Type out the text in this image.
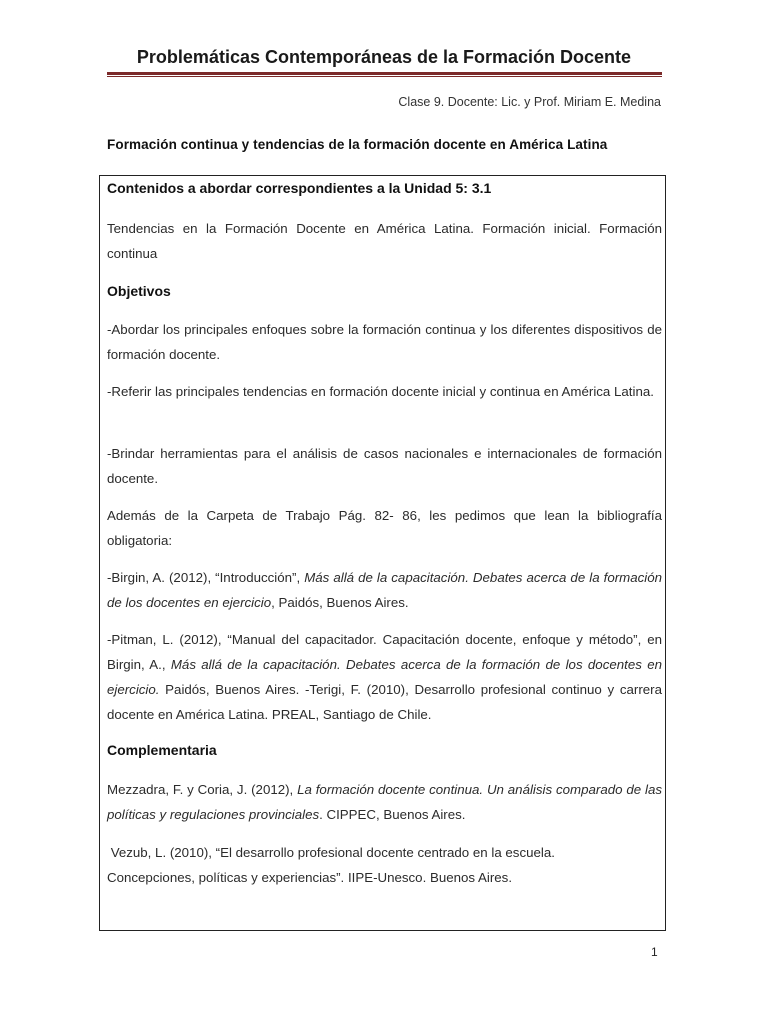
Problemáticas Contemporáneas de la Formación Docente
Clase 9. Docente: Lic. y Prof. Miriam E. Medina
Formación continua y tendencias de la formación docente en América Latina
Contenidos a abordar correspondientes a la Unidad 5: 3.1
Tendencias en la Formación Docente en América Latina. Formación inicial. Formación continua
Objetivos
-Abordar los principales enfoques sobre la formación continua y los diferentes dispositivos de formación docente.
-Referir las principales tendencias en formación docente inicial y continua en América Latina.
-Brindar herramientas para el análisis de casos nacionales e internacionales de formación docente.
Además de la Carpeta de Trabajo Pág. 82- 86, les pedimos que lean la bibliografía obligatoria:
-Birgin, A. (2012), “Introducción”, Más allá de la capacitación. Debates acerca de la formación de los docentes en ejercicio, Paidós, Buenos Aires.
-Pitman, L. (2012), “Manual del capacitador. Capacitación docente, enfoque y método”, en Birgin, A., Más allá de la capacitación. Debates acerca de la formación de los docentes en ejercicio. Paidós, Buenos Aires. -Terigi, F. (2010), Desarrollo profesional continuo y carrera docente en América Latina. PREAL, Santiago de Chile.
Complementaria
Mezzadra, F. y Coria, J. (2012), La formación docente continua. Un análisis comparado de las políticas y regulaciones provinciales. CIPPEC, Buenos Aires.
Vezub, L. (2010), “El desarrollo profesional docente centrado en la escuela.
Concepciones, políticas y experiencias”. IIPE-Unesco. Buenos Aires.
1
